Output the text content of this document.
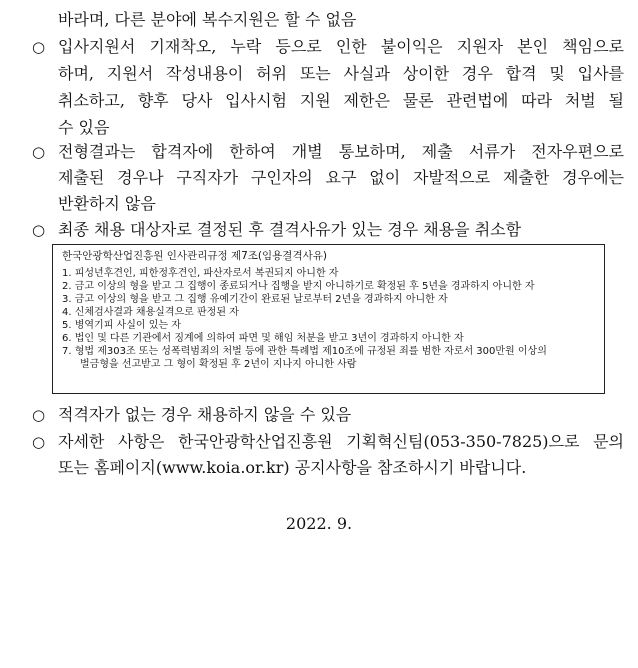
바라며, 다른 분야에 복수지원은 할 수 없음
○ 입사지원서 기재착오, 누락 등으로 인한 불이익은 지원자 본인 책임으로
하며, 지원서 작성내용이 허위 또는 사실과 상이한 경우 합격 및 입사를
취소하고, 향후 당사 입사시험 지원 제한은 물론 관련법에 따라 처벌 될
수 있음
○ 전형결과는 합격자에 한하여 개별 통보하며, 제출 서류가 전자우편으로
제출된 경우나 구직자가 구인자의 요구 없이 자발적으로 제출한 경우에는
반환하지 않음
○ 최종 채용 대상자로 결정된 후 결격사유가 있는 경우 채용을 취소함
한국안광학산업진흥원 인사관리규정 제7조(임용결격사유)
1. 피성년후견인, 피한정후견인, 파산자로서 복권되지 아니한 자
2. 금고 이상의 형을 받고 그 집행이 종료되거나 집행을 받지 아니하기로 확정된 후 5년을 경과하지 아니한 자
3. 금고 이상의 형을 받고 그 집행 유예기간이 완료된 날로부터 2년을 경과하지 아니한 자
4. 신체검사결과 채용실격으로 판정된 자
5. 병역기피 사실이 있는 자
6. 법인 및 다른 기관에서 징계에 의하여 파면 및 해임 처분을 받고 3년이 경과하지 아니한 자
7. 형법 제303조 또는 성폭력범죄의 처벌 등에 관한 특례법 제10조에 규정된 죄를 범한 자로서 300만원 이상의
벌금형을 선고받고 그 형이 확정된 후 2년이 지나지 아니한 사람
○ 적격자가 없는 경우 채용하지 않을 수 있음
○ 자세한 사항은 한국안광학산업진흥원 기획혁신팀(053-350-7825)으로 문의
또는 홈페이지(www.koia.or.kr) 공지사항을 참조하시기 바랍니다.
2022. 9.
